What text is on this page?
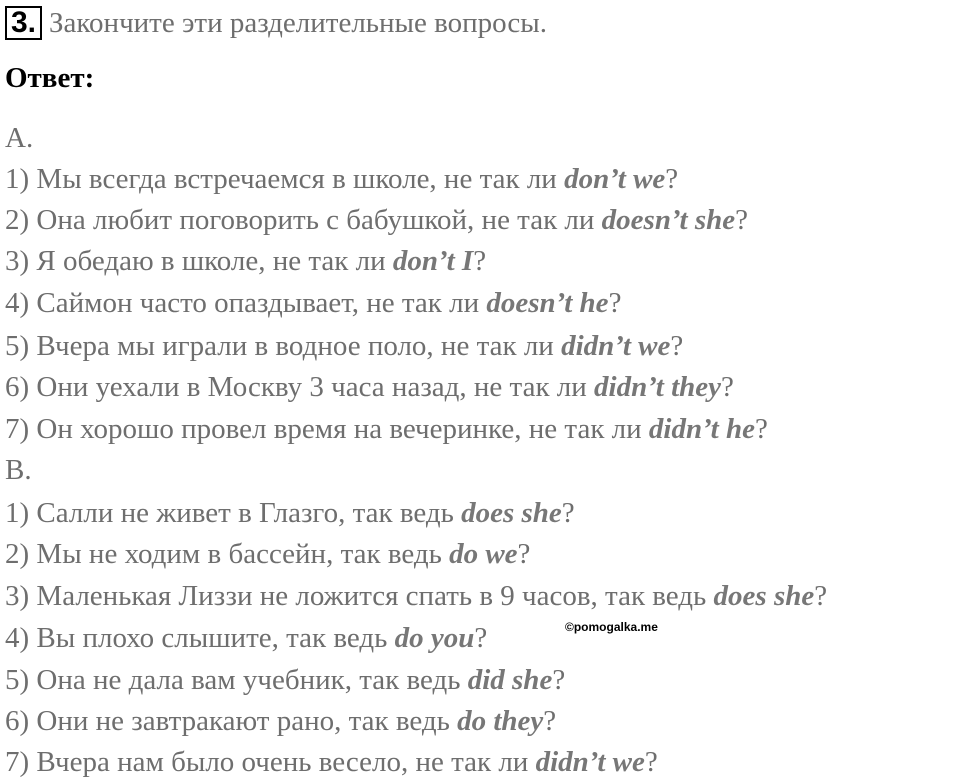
3. Закончите эти разделительные вопросы.
Ответ:
A.
1) Мы всегда встречаемся в школе, не так ли don’t we?
2) Она любит поговорить с бабушкой, не так ли doesn’t she?
3) Я обедаю в школе, не так ли don’t I?
4) Саймон часто опаздывает, не так ли doesn’t he?
5) Вчера мы играли в водное поло, не так ли didn’t we?
6) Они уехали в Москву 3 часа назад, не так ли didn’t they?
7) Он хорошо провел время на вечеринке, не так ли didn’t he?
B.
1) Салли не живет в Глазго, так ведь does she?
2) Мы не ходим в бассейн, так ведь do we?
3) Маленькая Лиззи не ложится спать в 9 часов, так ведь does she?
4) Вы плохо слышите, так ведь do you?
5) Она не дала вам учебник, так ведь did she?
6) Они не завтракают рано, так ведь do they?
7) Вчера нам было очень весело, не так ли didn’t we?
©pomogalka.me
